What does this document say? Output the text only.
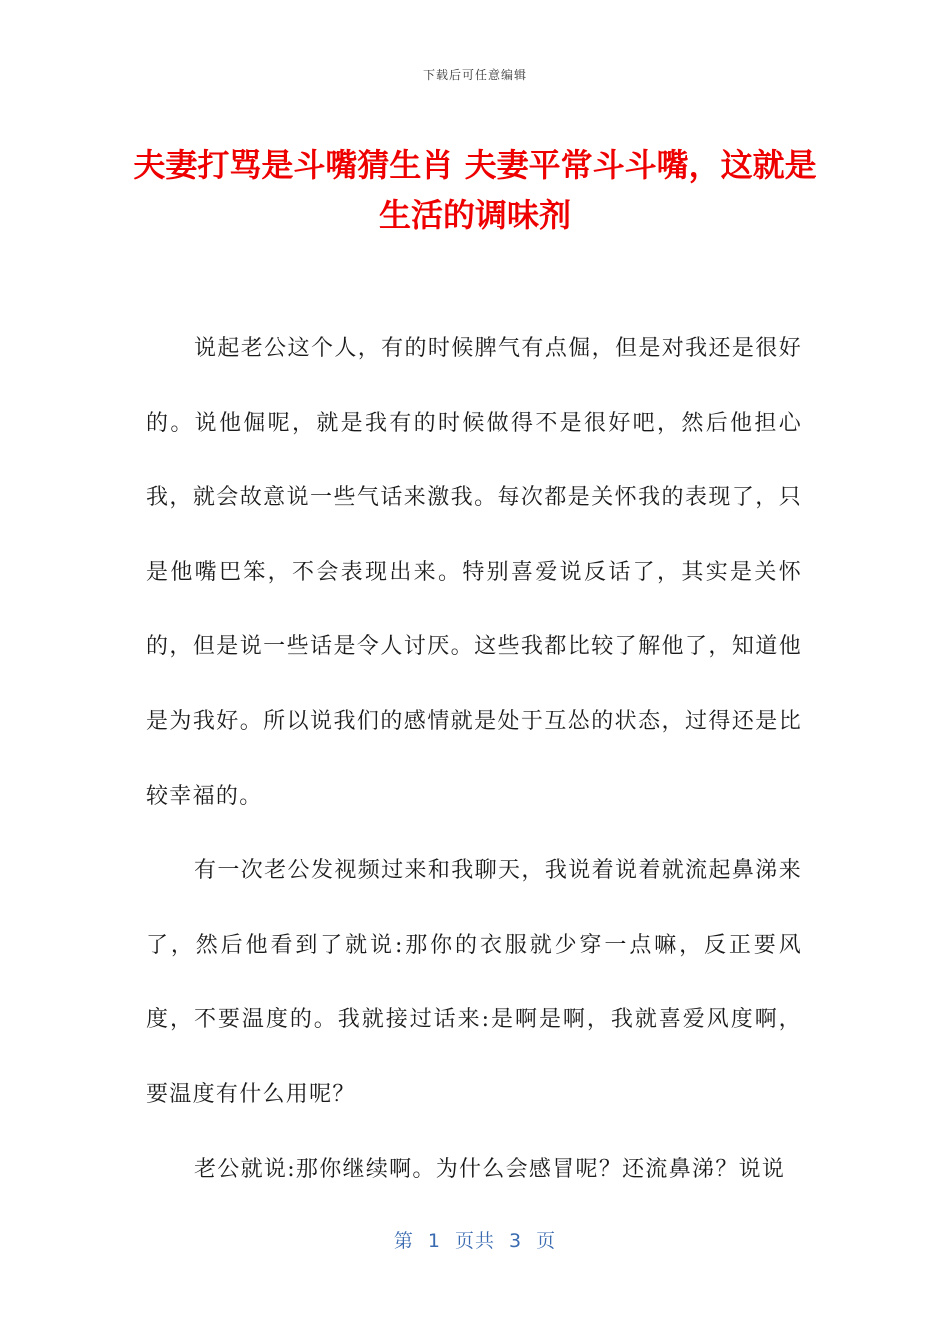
下载后可任意编辑
夫妻打骂是斗嘴猜生肖 夫妻平常斗斗嘴，这就是生活的调味剂

说起老公这个人，有的时候脾气有点倔，但是对我还是很好的。说他倔呢，就是我有的时候做得不是很好吧，然后他担心我，就会故意说一些气话来激我。每次都是关怀我的表现了，只是他嘴巴笨，不会表现出来。特别喜爱说反话了，其实是关怀的，但是说一些话是令人讨厌。这些我都比较了解他了，知道他是为我好。所以说我们的感情就是处于互怂的状态，过得还是比较幸福的。

有一次老公发视频过来和我聊天，我说着说着就流起鼻涕来了，然后他看到了就说:那你的衣服就少穿一点嘛，反正要风度，不要温度的。我就接过话来:是啊是啊，我就喜爱风度啊，要温度有什么用呢？

老公就说:那你继续啊。为什么会感冒呢？还流鼻涕？说说

第 1 页共 3 页
